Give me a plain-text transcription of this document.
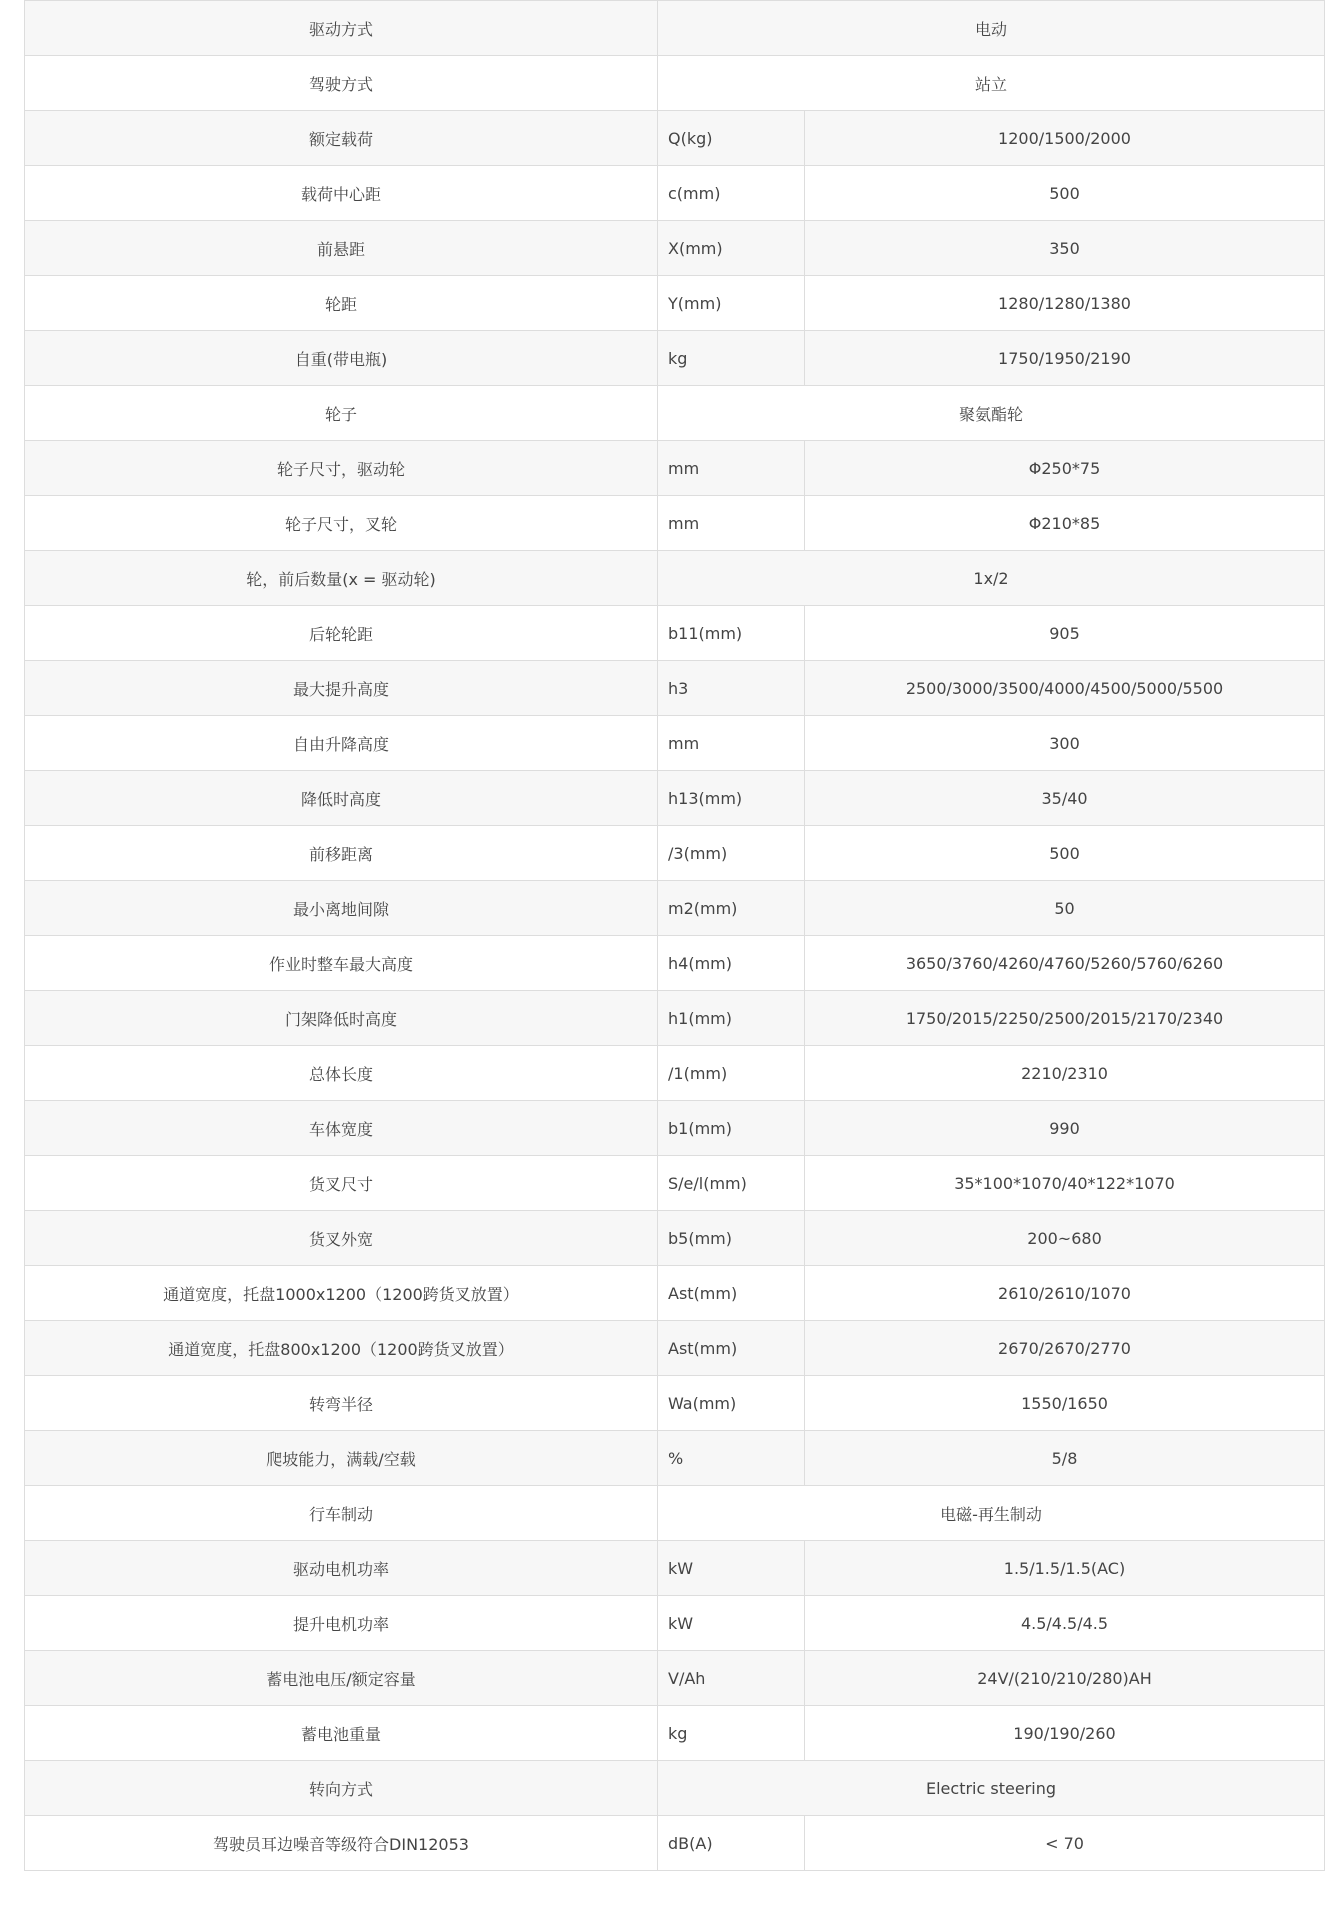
驱动方式	电动	
驾驶方式	站立	
额定载荷	Q(kg)	1200/1500/2000
载荷中心距	c(mm)	500
前悬距	X(mm)	350
轮距	Y(mm)	1280/1280/1380
自重(带电瓶)	kg	1750/1950/2190
轮子	聚氨酯轮	
轮子尺寸，驱动轮	mm	Φ250*75
轮子尺寸，叉轮	mm	Φ210*85
轮，前后数量(x = 驱动轮)	1x/2	
后轮轮距	b11(mm)	905
最大提升高度	h3	2500/3000/3500/4000/4500/5000/5500
自由升降高度	mm	300
降低时高度	h13(mm)	35/40
前移距离	/3(mm)	500
最小离地间隙	m2(mm)	50
作业时整车最大高度	h4(mm)	3650/3760/4260/4760/5260/5760/6260
门架降低时高度	h1(mm)	1750/2015/2250/2500/2015/2170/2340
总体长度	/1(mm)	2210/2310
车体宽度	b1(mm)	990
货叉尺寸	S/e/l(mm)	35*100*1070/40*122*1070
货叉外宽	b5(mm)	200~680
通道宽度，托盘1000x1200（1200跨货叉放置）	Ast(mm)	2610/2610/1070
通道宽度，托盘800x1200（1200跨货叉放置）	Ast(mm)	2670/2670/2770
转弯半径	Wa(mm)	1550/1650
爬坡能力，满载/空载	%	5/8
行车制动	电磁-再生制动	
驱动电机功率	kW	1.5/1.5/1.5(AC)
提升电机功率	kW	4.5/4.5/4.5
蓄电池电压/额定容量	V/Ah	24V/(210/210/280)AH
蓄电池重量	kg	190/190/260
转向方式	Electric steering	
驾驶员耳边噪音等级符合DIN12053	dB(A)	< 70
